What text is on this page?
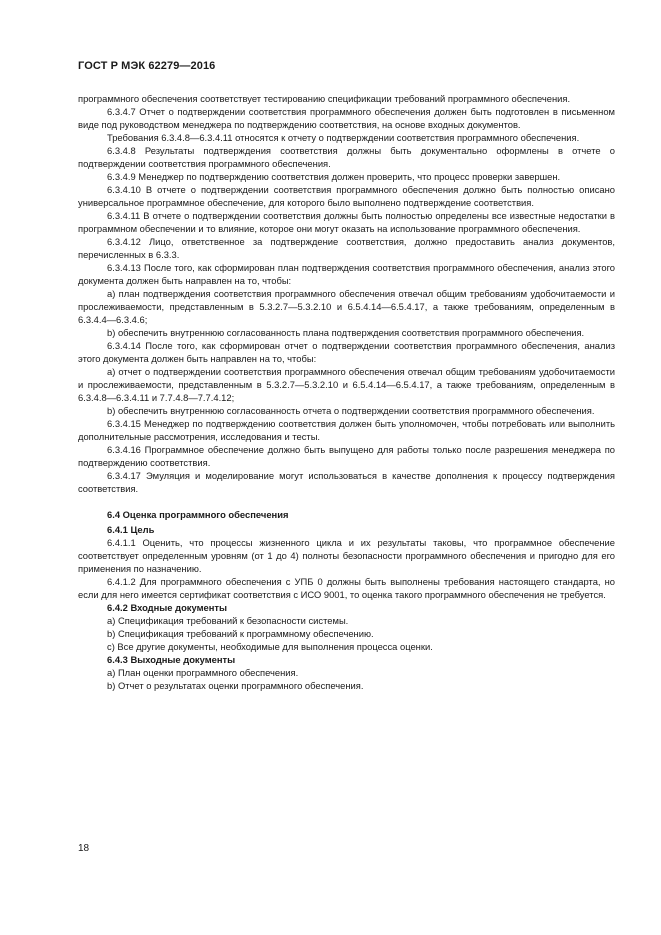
ГОСТ Р МЭК 62279—2016

программного обеспечения соответствует тестированию спецификации требований программного обеспечения.

6.3.4.7 Отчет о подтверждении соответствия программного обеспечения должен быть подготовлен в письменном виде под руководством менеджера по подтверждению соответствия, на основе входных документов.

Требования 6.3.4.8—6.3.4.11 относятся к отчету о подтверждении соответствия программного обеспечения.

6.3.4.8 Результаты подтверждения соответствия должны быть документально оформлены в отчете о подтверждении соответствия программного обеспечения.

6.3.4.9 Менеджер по подтверждению соответствия должен проверить, что процесс проверки завершен.

6.3.4.10 В отчете о подтверждении соответствия программного обеспечения должно быть полностью описано универсальное программное обеспечение, для которого было выполнено подтверждение соответствия.

6.3.4.11 В отчете о подтверждении соответствия должны быть полностью определены все известные недостатки в программном обеспечении и то влияние, которое они могут оказать на использование программного обеспечения.

6.3.4.12 Лицо, ответственное за подтверждение соответствия, должно предоставить анализ документов, перечисленных в 6.3.3.

6.3.4.13 После того, как сформирован план подтверждения соответствия программного обеспечения, анализ этого документа должен быть направлен на то, чтобы:

a) план подтверждения соответствия программного обеспечения отвечал общим требованиям удобочитаемости и прослеживаемости, представленным в 5.3.2.7—5.3.2.10 и 6.5.4.14—6.5.4.17, а также требованиям, определенным в 6.3.4.4—6.3.4.6;

b) обеспечить внутреннюю согласованность плана подтверждения соответствия программного обеспечения.

6.3.4.14 После того, как сформирован отчет о подтверждении соответствия программного обеспечения, анализ этого документа должен быть направлен на то, чтобы:

a) отчет о подтверждении соответствия программного обеспечения отвечал общим требованиям удобочитаемости и прослеживаемости, представленным в 5.3.2.7—5.3.2.10 и 6.5.4.14—6.5.4.17, а также требованиям, определенным в 6.3.4.8—6.3.4.11 и 7.7.4.8—7.7.4.12;

b) обеспечить внутреннюю согласованность отчета о подтверждении соответствия программного обеспечения.

6.3.4.15 Менеджер по подтверждению соответствия должен быть уполномочен, чтобы потребовать или выполнить дополнительные рассмотрения, исследования и тесты.

6.3.4.16 Программное обеспечение должно быть выпущено для работы только после разрешения менеджера по подтверждению соответствия.

6.3.4.17 Эмуляция и моделирование могут использоваться в качестве дополнения к процессу подтверждения соответствия.

6.4 Оценка программного обеспечения

6.4.1 Цель

6.4.1.1 Оценить, что процессы жизненного цикла и их результаты таковы, что программное обеспечение соответствует определенным уровням (от 1 до 4) полноты безопасности программного обеспечения и пригодно для его применения по назначению.

6.4.1.2 Для программного обеспечения с УПБ 0 должны быть выполнены требования настоящего стандарта, но если для него имеется сертификат соответствия с ИСО 9001, то оценка такого программного обеспечения не требуется.

6.4.2 Входные документы

a) Спецификация требований к безопасности системы.

b) Спецификация требований к программному обеспечению.

c) Все другие документы, необходимые для выполнения процесса оценки.

6.4.3 Выходные документы

a) План оценки программного обеспечения.

b) Отчет о результатах оценки программного обеспечения.

18
